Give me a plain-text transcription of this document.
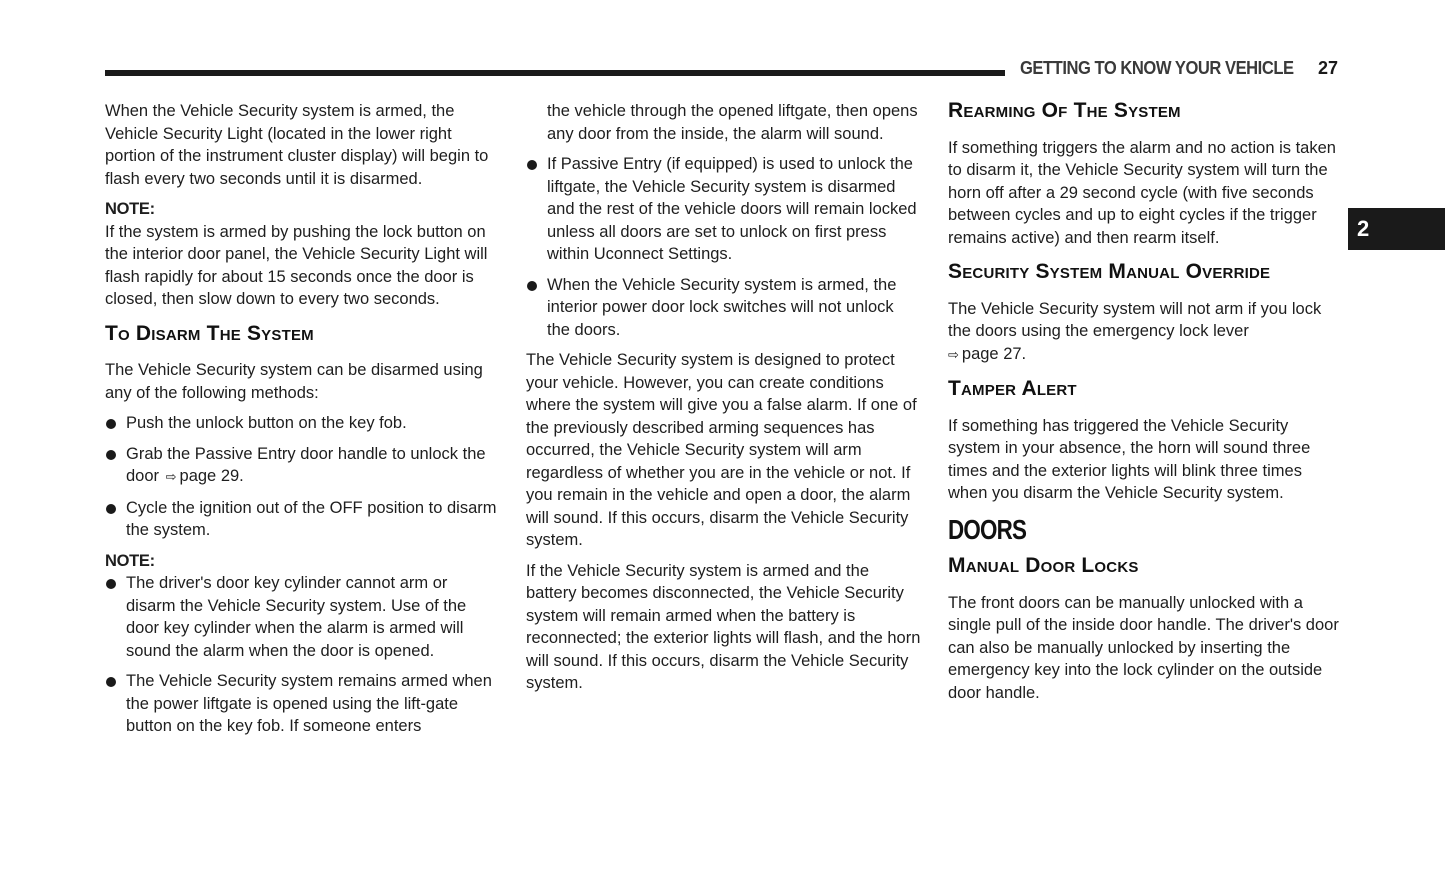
GETTING TO KNOW YOUR VEHICLE 27
2

When the Vehicle Security system is armed, the Vehicle Security Light (located in the lower right portion of the instrument cluster display) will begin to flash every two seconds until it is disarmed.

NOTE:

If the system is armed by pushing the lock button on the interior door panel, the Vehicle Security Light will flash rapidly for about 15 seconds once the door is closed, then slow down to every two seconds.

To Disarm The System

The Vehicle Security system can be disarmed using any of the following methods:

Push the unlock button on the key fob.
Grab the Passive Entry door handle to unlock the door ⇨ page 29.
Cycle the ignition out of the OFF position to disarm the system.
NOTE:
The driver's door key cylinder cannot arm or disarm the Vehicle Security system. Use of the door key cylinder when the alarm is armed will sound the alarm when the door is opened.
The Vehicle Security system remains armed when the power liftgate is opened using the lift-gate button on the key fob. If someone enters

the vehicle through the opened liftgate, then opens any door from the inside, the alarm will sound.

If Passive Entry (if equipped) is used to unlock the liftgate, the Vehicle Security system is disarmed and the rest of the vehicle doors will remain locked unless all doors are set to unlock on first press within Uconnect Settings.
When the Vehicle Security system is armed, the interior power door lock switches will not unlock the doors.

The Vehicle Security system is designed to protect your vehicle. However, you can create conditions where the system will give you a false alarm. If one of the previously described arming sequences has occurred, the Vehicle Security system will arm regardless of whether you are in the vehicle or not. If you remain in the vehicle and open a door, the alarm will sound. If this occurs, disarm the Vehicle Security system.

If the Vehicle Security system is armed and the battery becomes disconnected, the Vehicle Security system will remain armed when the battery is reconnected; the exterior lights will flash, and the horn will sound. If this occurs, disarm the Vehicle Security system.

Rearming Of The System

If something triggers the alarm and no action is taken to disarm it, the Vehicle Security system will turn the horn off after a 29 second cycle (with five seconds between cycles and up to eight cycles if the trigger remains active) and then rearm itself.

Security System Manual Override

The Vehicle Security system will not arm if you lock the doors using the emergency lock lever
⇨ page 27.

Tamper Alert

If something has triggered the Vehicle Security system in your absence, the horn will sound three times and the exterior lights will blink three times when you disarm the Vehicle Security system.

DOORS
Manual Door Locks

The front doors can be manually unlocked with a single pull of the inside door handle. The driver's door can also be manually unlocked by inserting the emergency key into the lock cylinder on the outside door handle.
